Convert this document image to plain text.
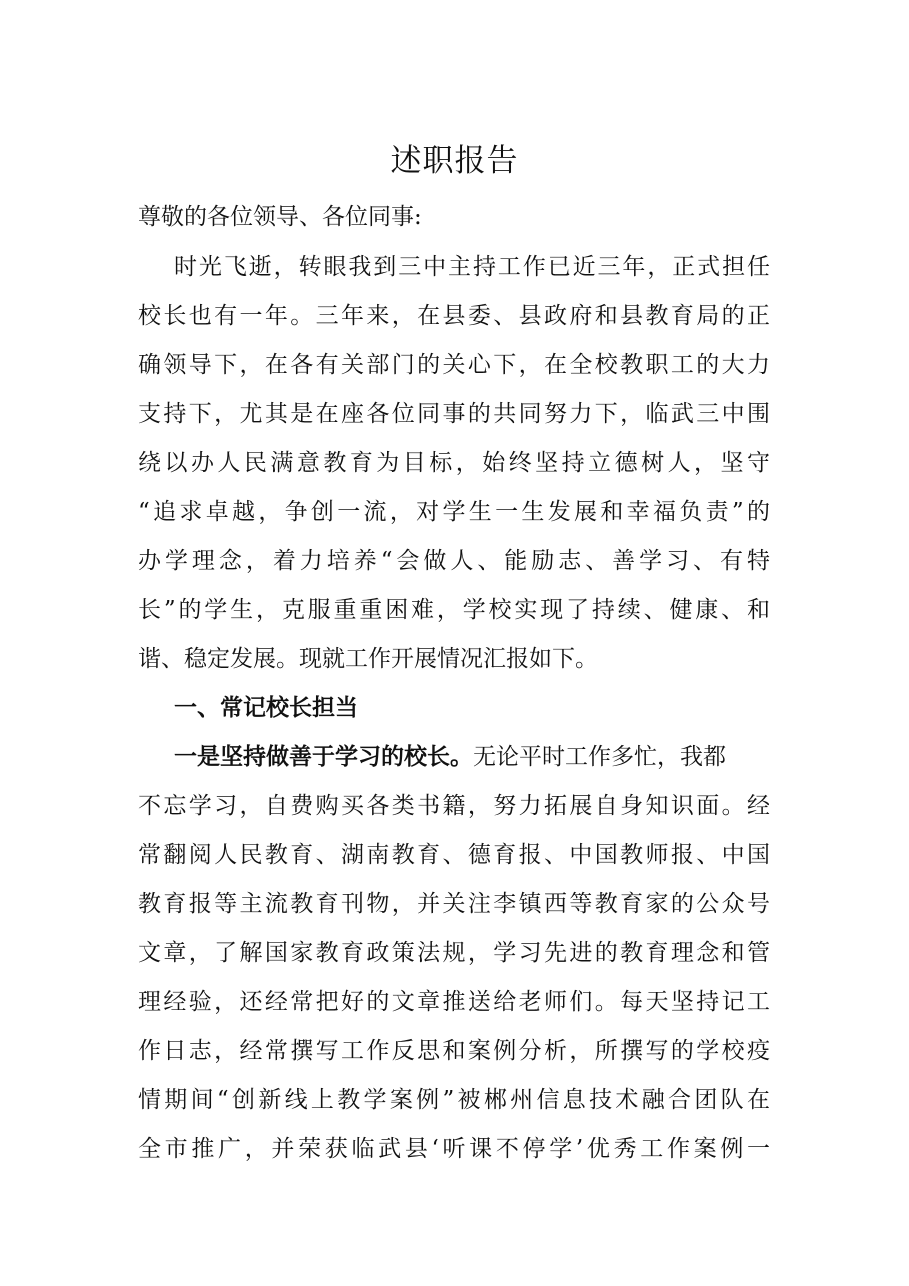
述职报告
尊敬的各位领导、各位同事:
时光飞逝，转眼我到三中主持工作已近三年，正式担任
校长也有一年。三年来，在县委、县政府和县教育局的正
确领导下，在各有关部门的关心下，在全校教职工的大力
支持下，尤其是在座各位同事的共同努力下，临武三中围
绕以办人民满意教育为目标，始终坚持立德树人，坚守
“追求卓越，争创一流，对学生一生发展和幸福负责”的
办学理念，着力培养“会做人、能励志、善学习、有特
长”的学生，克服重重困难，学校实现了持续、健康、和
谐、稳定发展。现就工作开展情况汇报如下。
一、常记校长担当
一是坚持做善于学习的校长。无论平时工作多忙，我都
不忘学习，自费购买各类书籍，努力拓展自身知识面。经
常翻阅人民教育、湖南教育、德育报、中国教师报、中国
教育报等主流教育刊物，并关注李镇西等教育家的公众号
文章，了解国家教育政策法规，学习先进的教育理念和管
理经验，还经常把好的文章推送给老师们。每天坚持记工
作日志，经常撰写工作反思和案例分析，所撰写的学校疫
情期间“创新线上教学案例”被郴州信息技术融合团队在
全市推广，并荣获临武县‘听课不停学’优秀工作案例一
